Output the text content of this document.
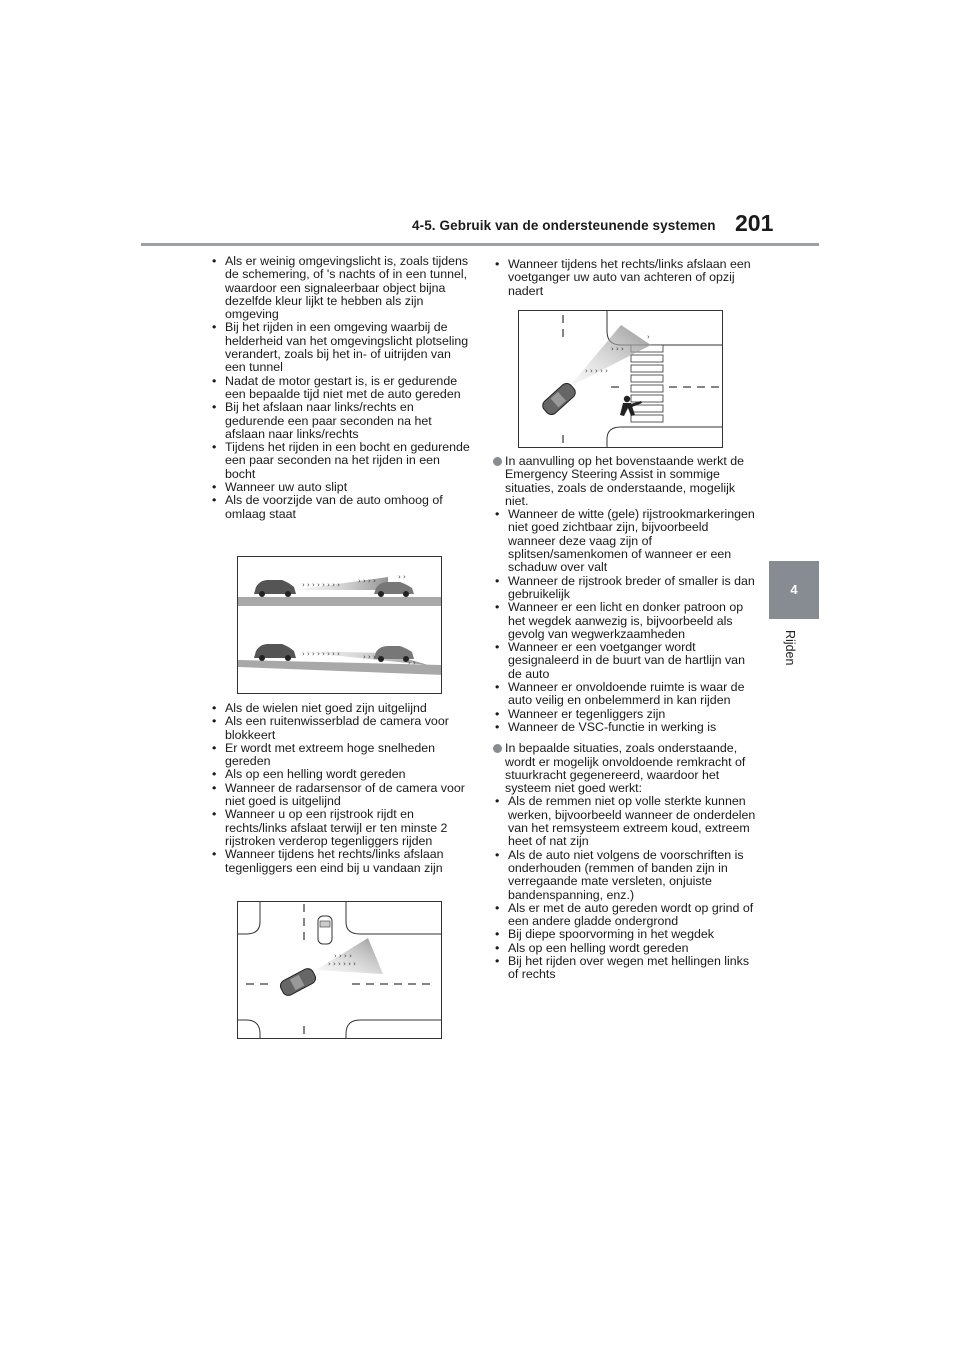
4-5. Gebruik van de ondersteunende systemen 201
4
Rijden
• Als er weinig omgevingslicht is, zoals tijdens de schemering, of 's nachts of in een tunnel, waardoor een signaleerbaar object bijna dezelfde kleur lijkt te hebben als zijn omgeving
• Bij het rijden in een omgeving waarbij de helderheid van het omgevingslicht plotseling verandert, zoals bij het in- of uitrijden van een tunnel
• Nadat de motor gestart is, is er gedurende een bepaalde tijd niet met de auto gereden
• Bij het afslaan naar links/rechts en gedurende een paar seconden na het afslaan naar links/rechts
• Tijdens het rijden in een bocht en gedurende een paar seconden na het rijden in een bocht
• Wanneer uw auto slipt
• Als de voorzijde van de auto omhoog of omlaag staat
• Als de wielen niet goed zijn uitgelijnd
• Als een ruitenwisserblad de camera voor blokkeert
• Er wordt met extreem hoge snelheden gereden
• Als op een helling wordt gereden
• Wanneer de radarsensor of de camera voor niet goed is uitgelijnd
• Wanneer u op een rijstrook rijdt en rechts/links afslaat terwijl er ten minste 2 rijstroken verderop tegenliggers rijden
• Wanneer tijdens het rechts/links afslaan tegenliggers een eind bij u vandaan zijn
› › › › › › › ›	› › › ›	› ›
› › › › › › › ›	› › › ›
› ›
› › › › › ›
› › › ›
• Wanneer tijdens het rechts/links afslaan een voetganger uw auto van achteren of opzij nadert
› › › › ›
› › ›
›
In aanvulling op het bovenstaande werkt de Emergency Steering Assist in sommige situaties, zoals de onderstaande, mogelijk niet.
• Wanneer de witte (gele) rijstrookmarkeringen niet goed zichtbaar zijn, bijvoorbeeld wanneer deze vaag zijn of splitsen/samenkomen of wanneer er een schaduw over valt
• Wanneer de rijstrook breder of smaller is dan gebruikelijk
• Wanneer er een licht en donker patroon op het wegdek aanwezig is, bijvoorbeeld als gevolg van wegwerkzaamheden
• Wanneer er een voetganger wordt gesignaleerd in de buurt van de hartlijn van de auto
• Wanneer er onvoldoende ruimte is waar de auto veilig en onbelemmerd in kan rijden
• Wanneer er tegenliggers zijn
• Wanneer de VSC-functie in werking is
In bepaalde situaties, zoals onderstaande, wordt er mogelijk onvoldoende remkracht of stuurkracht gegenereerd, waardoor het systeem niet goed werkt:
• Als de remmen niet op volle sterkte kunnen werken, bijvoorbeeld wanneer de onderdelen van het remsysteem extreem koud, extreem heet of nat zijn
• Als de auto niet volgens de voorschriften is onderhouden (remmen of banden zijn in verregaande mate versleten, onjuiste bandenspanning, enz.)
• Als er met de auto gereden wordt op grind of een andere gladde ondergrond
• Bij diepe spoorvorming in het wegdek
• Als op een helling wordt gereden
• Bij het rijden over wegen met hellingen links of rechts
